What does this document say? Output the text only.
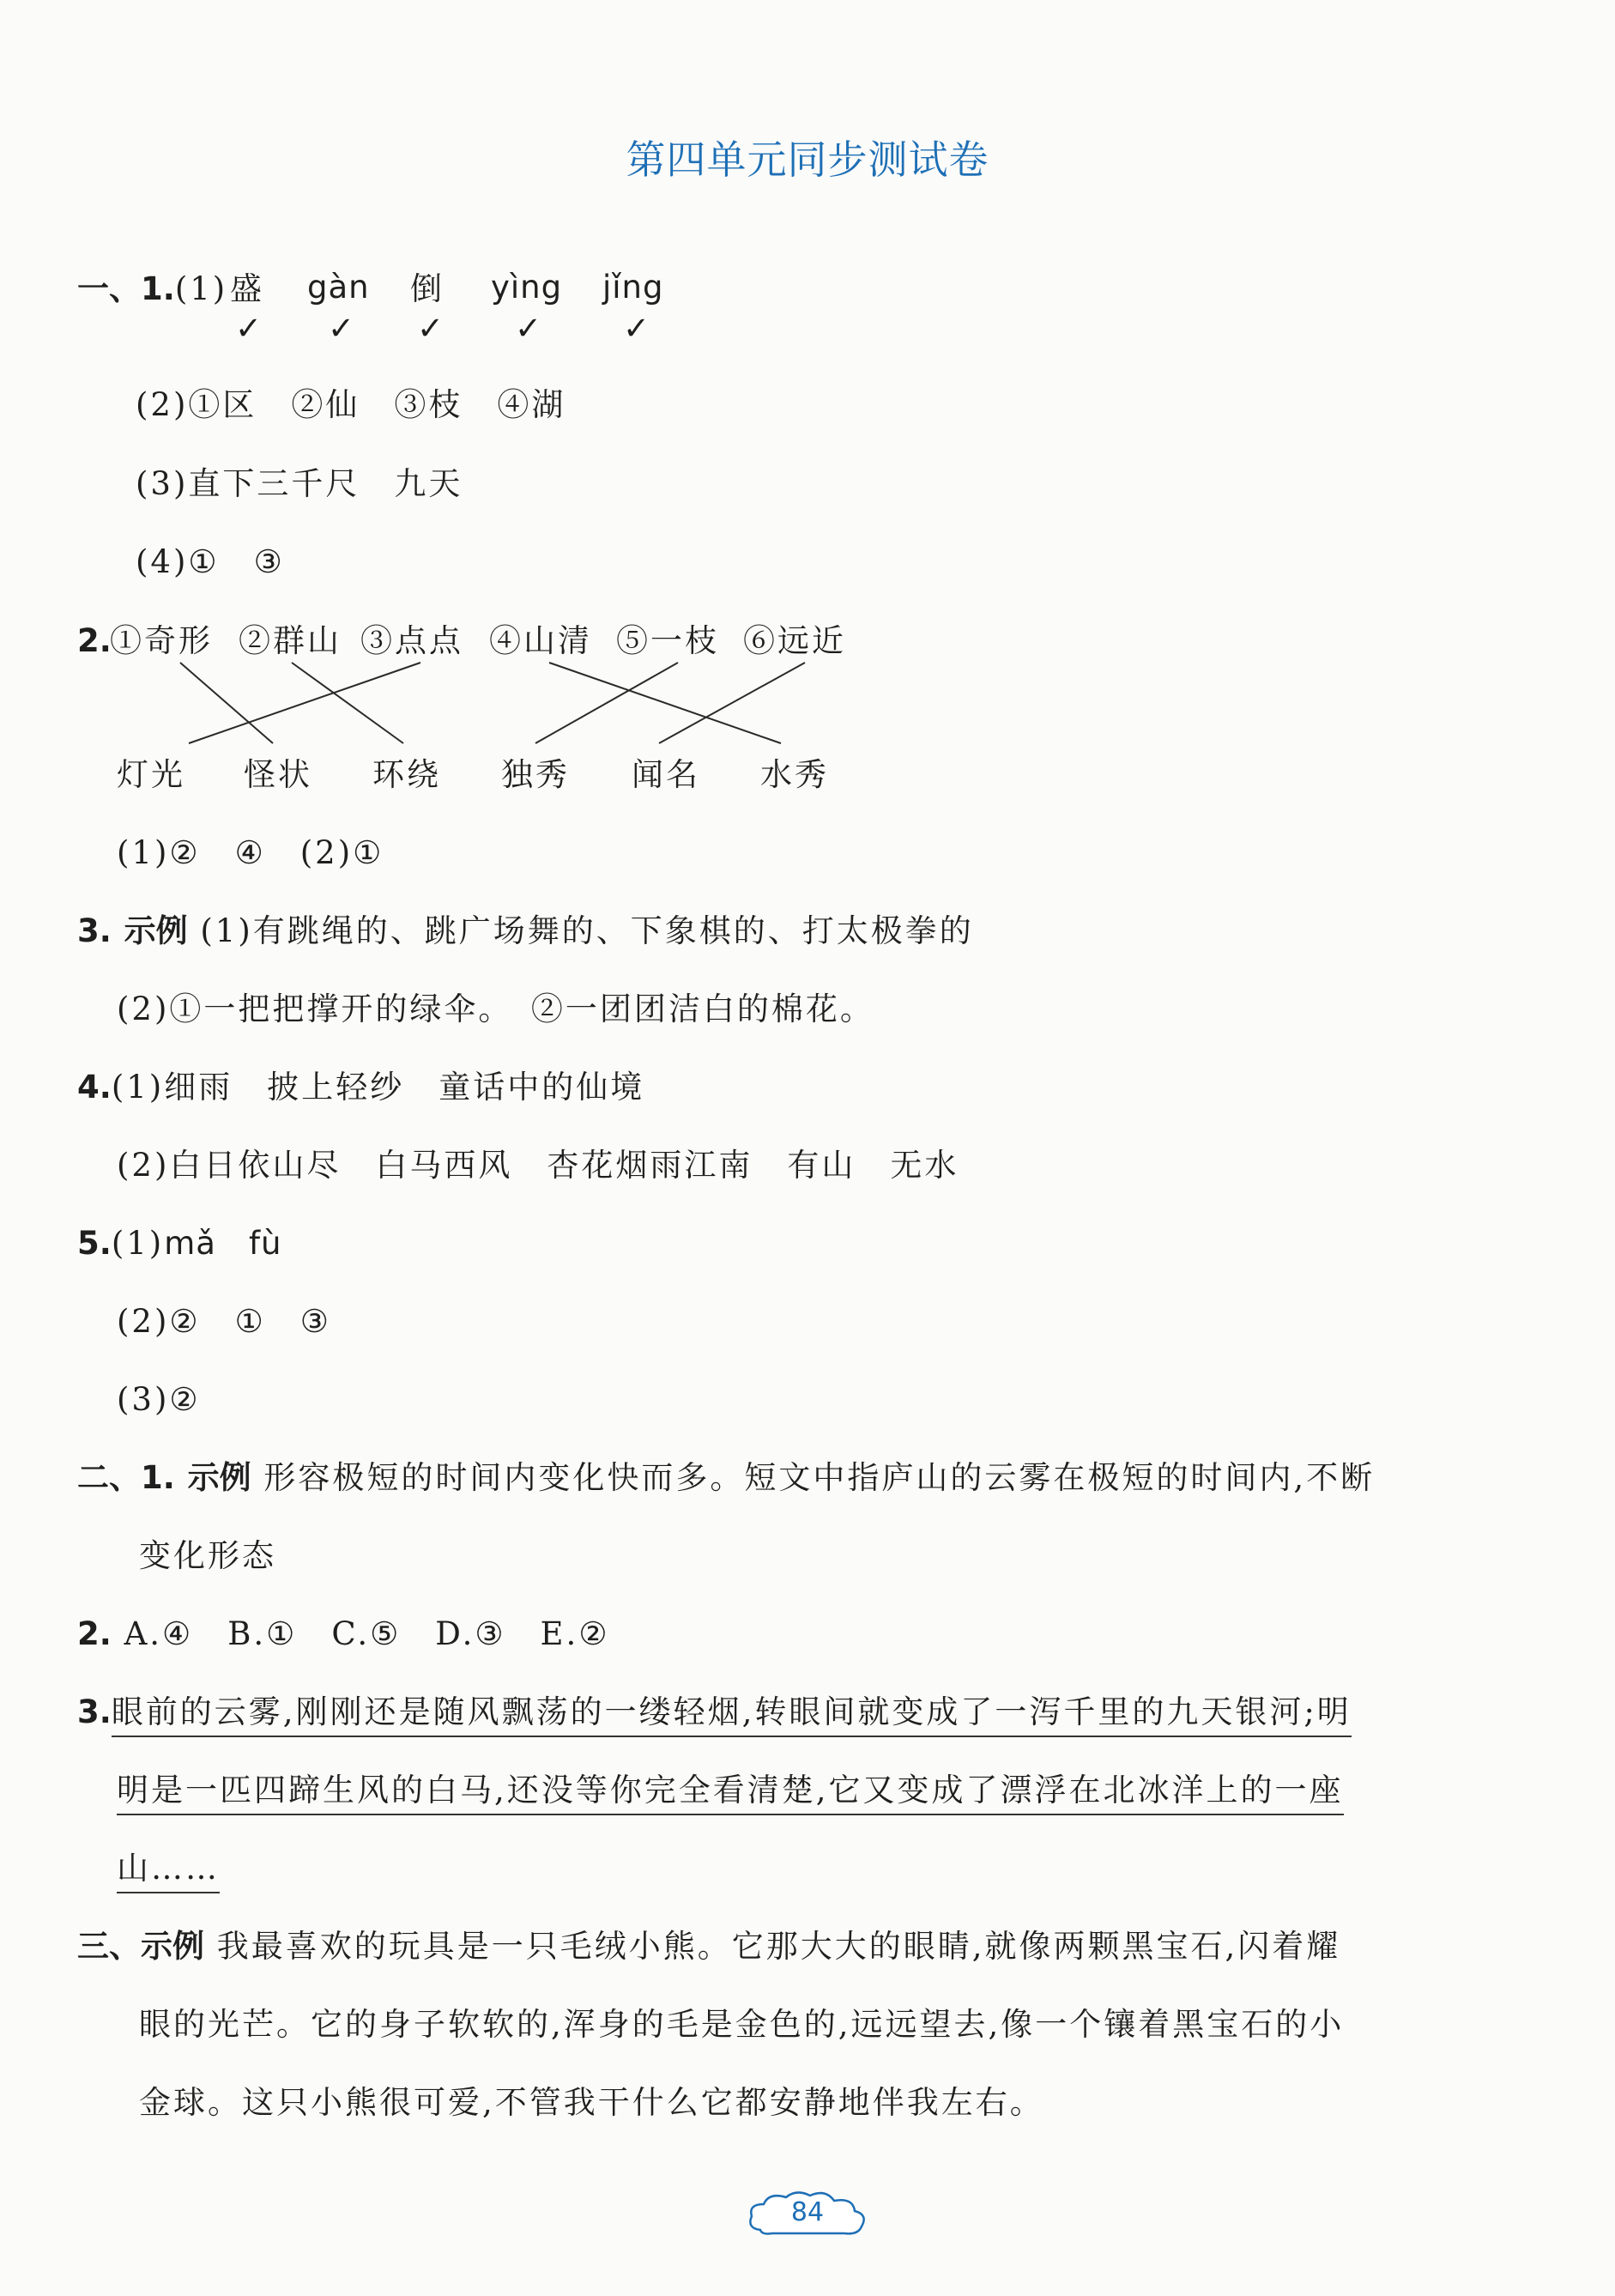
第四单元同步测试卷
一、1.(1) 盛 gàn 倒 yìng jǐng
✓ ✓ ✓ ✓ ✓
(2)①区　②仙　③枝　④湖
(3)直下三千尺　九天
(4)①　③
2.
①奇形 ②群山 ③点点 ④山清 ⑤一枝 ⑥远近
灯光 怪状 环绕 独秀 闻名 水秀
(1)②　④　(2)①
3. 示例 (1)有跳绳的、跳广场舞的、下象棋的、打太极拳的
(2)①一把把撑开的绿伞。　②一团团洁白的棉花。
4.(1)细雨　披上轻纱　童话中的仙境
(2)白日依山尽　白马西风　杏花烟雨江南　有山　无水
5.(1)mǎ　fù
(2)②　①　③
(3)②
二、1. 示例 形容极短的时间内变化快而多。短文中指庐山的云雾在极短的时间内,不断
变化形态
2. A.④　B.①　C.⑤　D.③　E.②
3.眼前的云雾,刚刚还是随风飘荡的一缕轻烟,转眼间就变成了一泻千里的九天银河;明
明是一匹四蹄生风的白马,还没等你完全看清楚,它又变成了漂浮在北冰洋上的一座
山……
三、示例 我最喜欢的玩具是一只毛绒小熊。它那大大的眼睛,就像两颗黑宝石,闪着耀
眼的光芒。它的身子软软的,浑身的毛是金色的,远远望去,像一个镶着黑宝石的小
金球。这只小熊很可爱,不管我干什么它都安静地伴我左右。
84
